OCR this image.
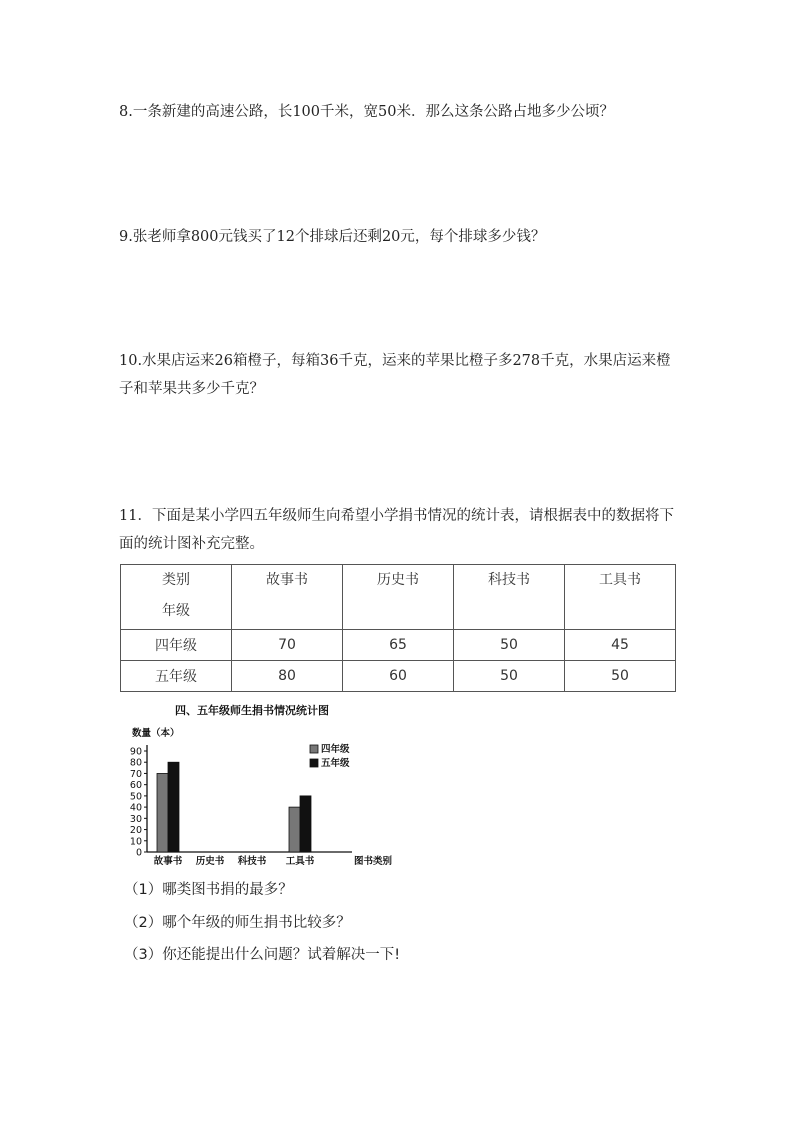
8.一条新建的高速公路，长100千米，宽50米．那么这条公路占地多少公顷？

9.张老师拿800元钱买了12个排球后还剩20元，每个排球多少钱？

10.水果店运来26箱橙子，每箱36千克，运来的苹果比橙子多278千克，水果店运来橙子和苹果共多少千克？

11．下面是某小学四五年级师生向希望小学捐书情况的统计表，请根据表中的数据将下面的统计图补充完整。

类别
年级	故事书	历史书	科技书	工具书
四年级	70	65	50	45
五年级	80	60	50	50
四、五年级师生捐书情况统计图
数量（本）
0
10
20
30
40
50
60
70
80
90
故事书 历史书 科技书 工具书	图书类别
四年级
五年级

（1）哪类图书捐的最多？

（2）哪个年级的师生捐书比较多？

（3）你还能提出什么问题？试着解决一下!
